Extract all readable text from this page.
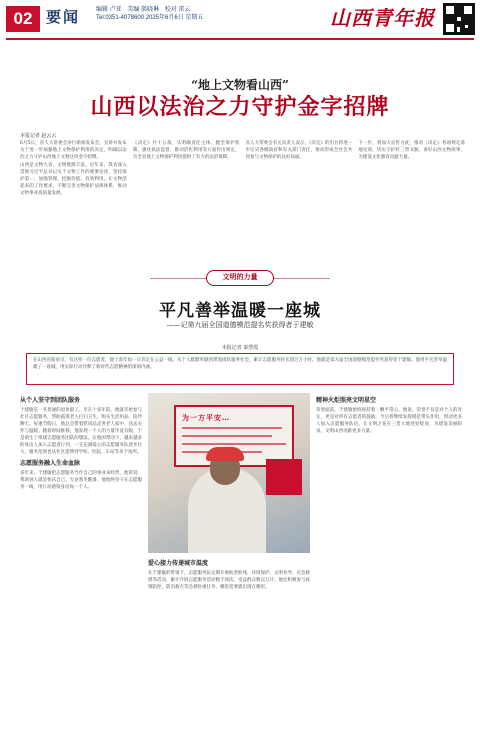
02 要闻	编辑 卢亚 美编 郝晓琳 校对 雷云
Tel:0351-4078600 2025年6月6日 星期五	山西青年报
“地上文物看山西”
山西以法治之力守护金字招牌
本报记者 赵云云
6月5日，省人大常委会举行新闻发布会，宣讲并发布关于进一步加强地上文物保护利用的决定，明确以法治之力守护山西地上文物这块金字招牌。
山西是文物大省，文物资源丰富。近年来，我省深入贯彻习近平总书记关于文物工作的重要论述，坚持保护第一、加强管理、挖掘价值、有效利用、让文物活起来的工作要求，不断完善文物保护法规体系，推动文物事业高质量发展。
《决定》共十五条，从明确责任主体、健全保护机制、强化执法监督、推动活化利用等方面作出规定，为全省地上文物保护利用提供了有力的法治保障。
省人大常委会有关负责人表示，《决定》的出台将进一步压实各级政府和有关部门责任，推动形成全社会共同参与文物保护的良好局面。
下一步，将加大宣传力度，推动《决定》各项规定落地见效，切实守护好三晋文脉，讲好山西文物故事，为建设文化强省贡献力量。
文明的力量
平凡善举温暖一座城
——记第九届全国道德模范提名奖获得者于建敏
本报记者 秦慧霞
在山西省阳泉市，有这样一位志愿者，他十余年如一日奔走在公益一线，从个人默默奉献到带领团队服务社会，累计志愿服务时长超过万小时。他就是第九届全国道德模范提名奖获得者于建敏。他用平凡善举温暖了一座城，用实际行动诠释了新时代志愿精神的深刻内涵。
从个人坚守到团队服务
于建敏是一名普通的退休职工。早在十多年前，他就开始参与社区志愿服务，帮助孤寡老人打扫卫生、购买生活用品、陪伴聊天。每逢节假日，他总会带着慰问品走进老人家中，送去关怀与温暖。随着时间推移，他发现一个人的力量毕竟有限，于是萌生了组建志愿服务团队的想法。在他的带动下，越来越多的身边人加入志愿者行列，一支充满爱心的志愿服务队逐步壮大，服务范围也从社区延伸到学校、医院、车站等多个场所。
志愿服务融入生命血脉
多年来，于建敏把志愿服务当作自己的事业来经营，他常说：帮助别人就是快乐自己。无论寒冬酷暑，他始终坚守在志愿服务一线，用行动感染身边每一个人。
为一方平安…
爱心接力传递城市温度
在于建敏的带领下，志愿服务队定期开展助老助残、环境保护、文明劝导、应急救援等活动，累计开展志愿服务活动数千场次，受益群众数以万计。他还积极参与疫情防控、防汛救灾等急难险重任务，哪里需要就出现在哪里。
精神火炬照亮文明星空
荣誉面前，于建敏始终保持着一颗平常心。他说，荣誉不仅是对个人的肯定，更是对所有志愿者的鼓励。今后将继续发挥模范带头作用，带动更多人加入志愿服务队伍，让文明之花在三晋大地处处绽放，为建设美丽阳泉、文明山西贡献更多力量。
